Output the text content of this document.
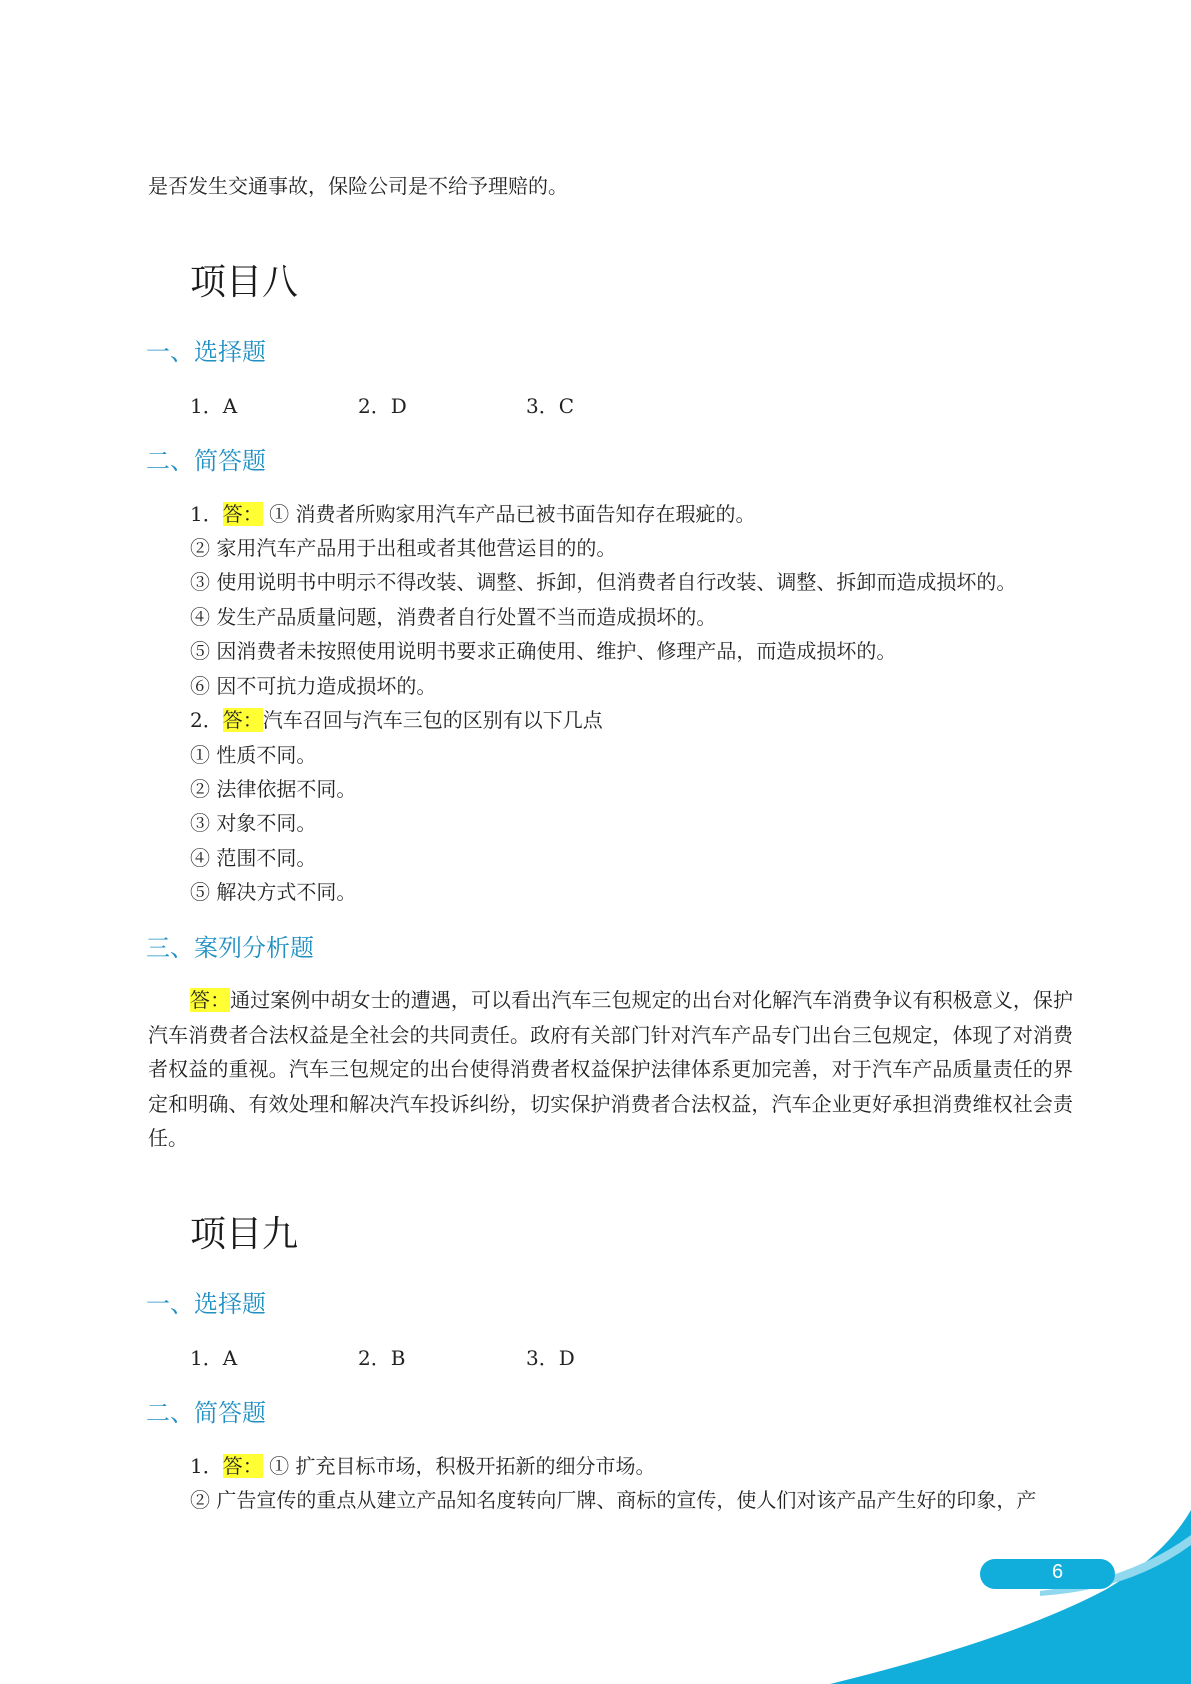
是否发生交通事故，保险公司是不给予理赔的。
项目八
一、选择题
1．A	2．D	3．C
二、简答题
1．答： ① 消费者所购家用汽车产品已被书面告知存在瑕疵的。
② 家用汽车产品用于出租或者其他营运目的的。
③ 使用说明书中明示不得改装、调整、拆卸，但消费者自行改装、调整、拆卸而造成损坏的。
④ 发生产品质量问题，消费者自行处置不当而造成损坏的。
⑤ 因消费者未按照使用说明书要求正确使用、维护、修理产品，而造成损坏的。
⑥ 因不可抗力造成损坏的。
2．答：汽车召回与汽车三包的区别有以下几点
① 性质不同。
② 法律依据不同。
③ 对象不同。
④ 范围不同。
⑤ 解决方式不同。
三、案列分析题
答：通过案例中胡女士的遭遇，可以看出汽车三包规定的出台对化解汽车消费争议有积极意义，保护汽车消费者合法权益是全社会的共同责任。政府有关部门针对汽车产品专门出台三包规定，体现了对消费者权益的重视。汽车三包规定的出台使得消费者权益保护法律体系更加完善，对于汽车产品质量责任的界定和明确、有效处理和解决汽车投诉纠纷，切实保护消费者合法权益，汽车企业更好承担消费维权社会责任。
项目九
一、选择题
1．A	2．B	3．D
二、简答题
1．答： ① 扩充目标市场，积极开拓新的细分市场。
② 广告宣传的重点从建立产品知名度转向厂牌、商标的宣传，使人们对该产品产生好的印象，产
6
